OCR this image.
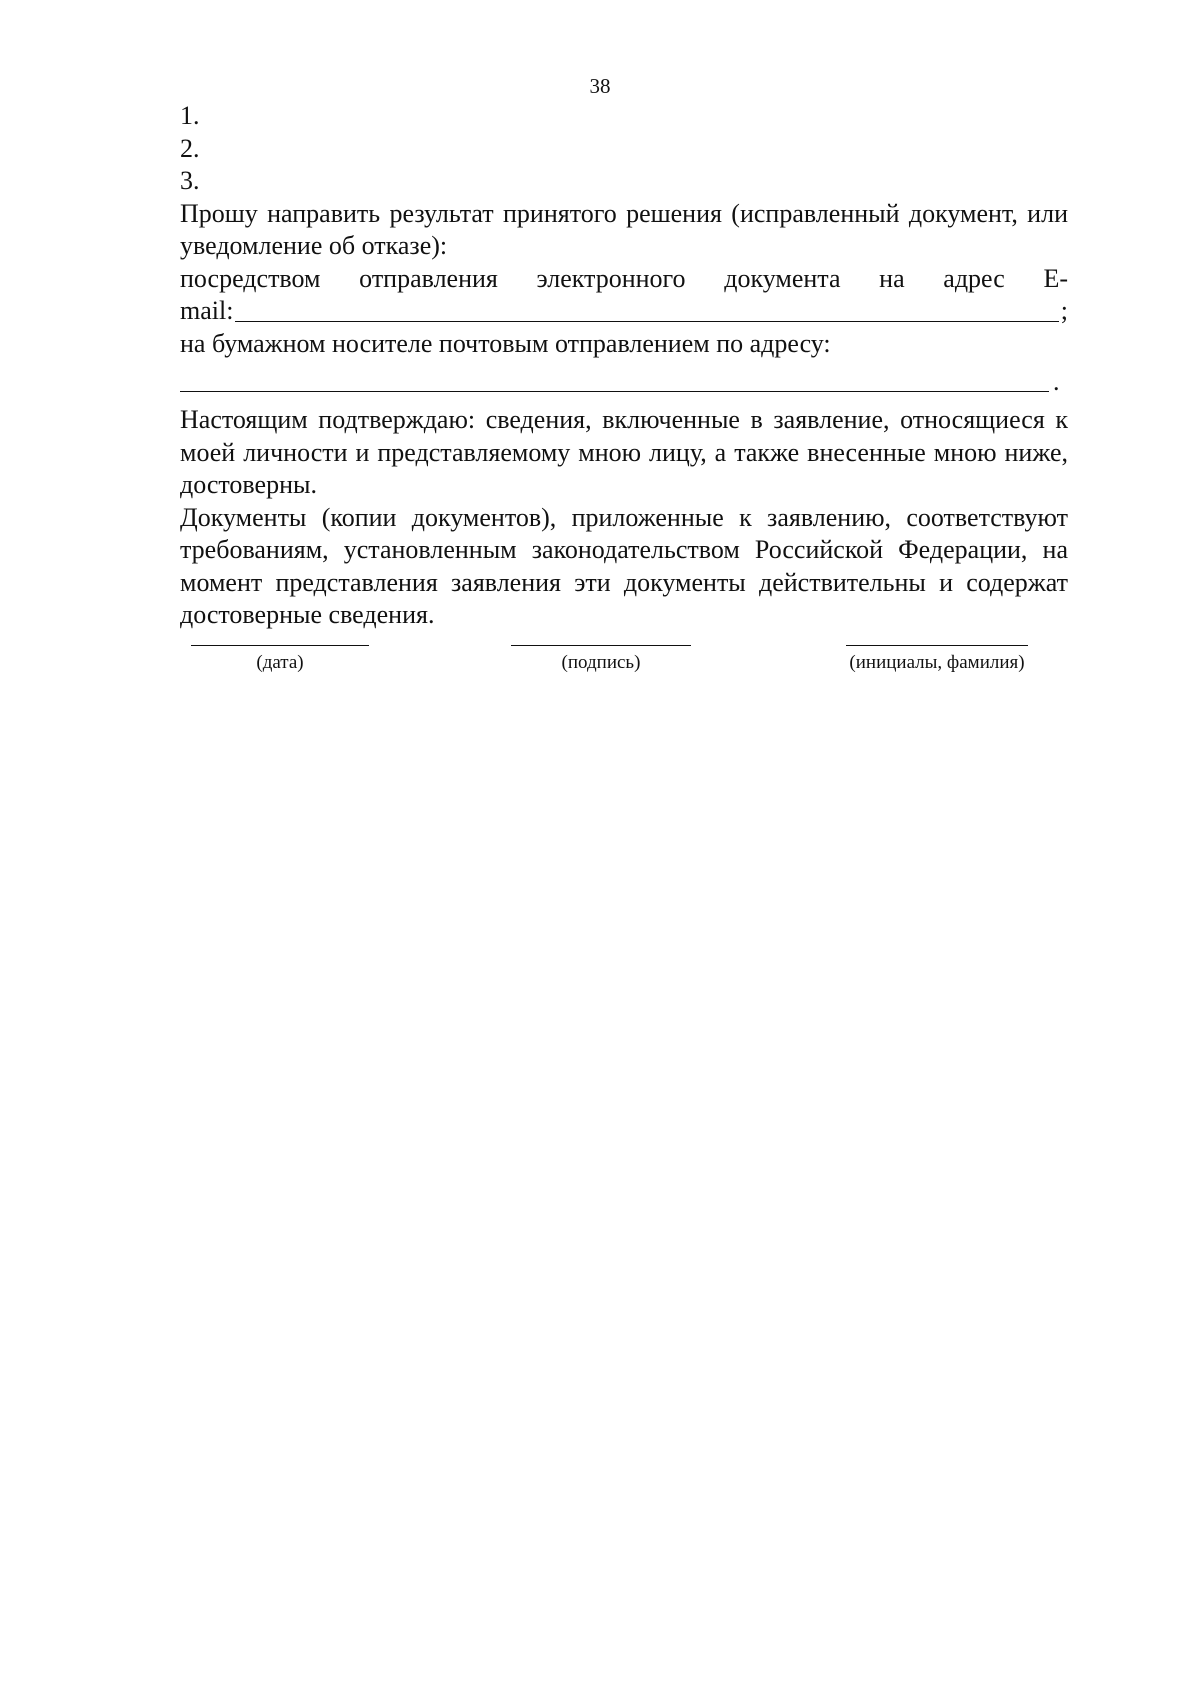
38
1.
2.
3.

Прошу направить результат принятого решения (исправленный документ, или уведомление об отказе):

посредством отправления электронного документа на адрес E-

mail:	;

на бумажном носителе почтовым отправлением по адресу:

.

Настоящим подтверждаю: сведения, включенные в заявление, относящиеся к моей личности и представляемому мною лицу, а также внесенные мною ниже, достоверны.

Документы (копии документов), приложенные к заявлению, соответствуют требованиям, установленным законодательством Российской Федерации, на момент представления заявления эти документы действительны и содержат достоверные сведения.

(дата)	(подпись)	(инициалы, фамилия)
